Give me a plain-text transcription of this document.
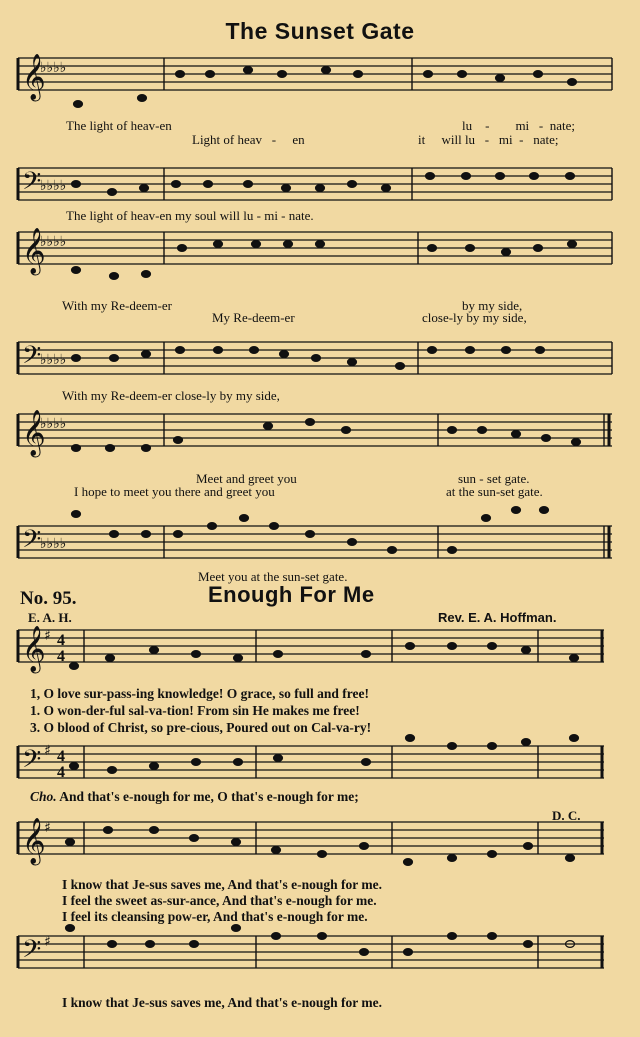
The Sunset Gate
𝄞
𝄞
𝄞
𝄞
𝄞
𝄢
𝄢
𝄢
𝄢
𝄢
♭♭♭♭
♭♭♭♭
♭♭♭♭
♭♭♭♭
♭♭♭♭
♭♭♭♭
♯
♯
♯
♯
4
4
4
4
The light of heav-en	lu    -        mi   -  nate;
Light of heav   -     en	it     will lu   -   mi  -   nate;
The light of heav-en my soul will lu - mi - nate.
With my Re-deem-er	by my side,
My Re-deem-er	close-ly by my side,
With my Re-deem-er close-ly by my side,
Meet and greet you	sun - set gate.
I hope to meet you there and greet you	at the sun-set gate.
Meet you at the sun-set gate.
No. 95.	Enough For Me
E. A. H.	Rev. E. A. Hoffman.
1, O love sur-pass-ing knowledge! O grace, so full and free!
1. O won-der-ful sal-va-tion! From sin He makes me free!
3. O blood of Christ, so pre-cious, Poured out on Cal-va-ry!
Cho. And that's e-nough for me, O that's e-nough for me;
D. C.
I know that Je-sus saves me, And that's e-nough for me.
I feel the sweet as-sur-ance, And that's e-nough for me.
I feel its cleansing pow-er, And that's e-nough for me.
I know that Je-sus saves me, And that's e-nough for me.
